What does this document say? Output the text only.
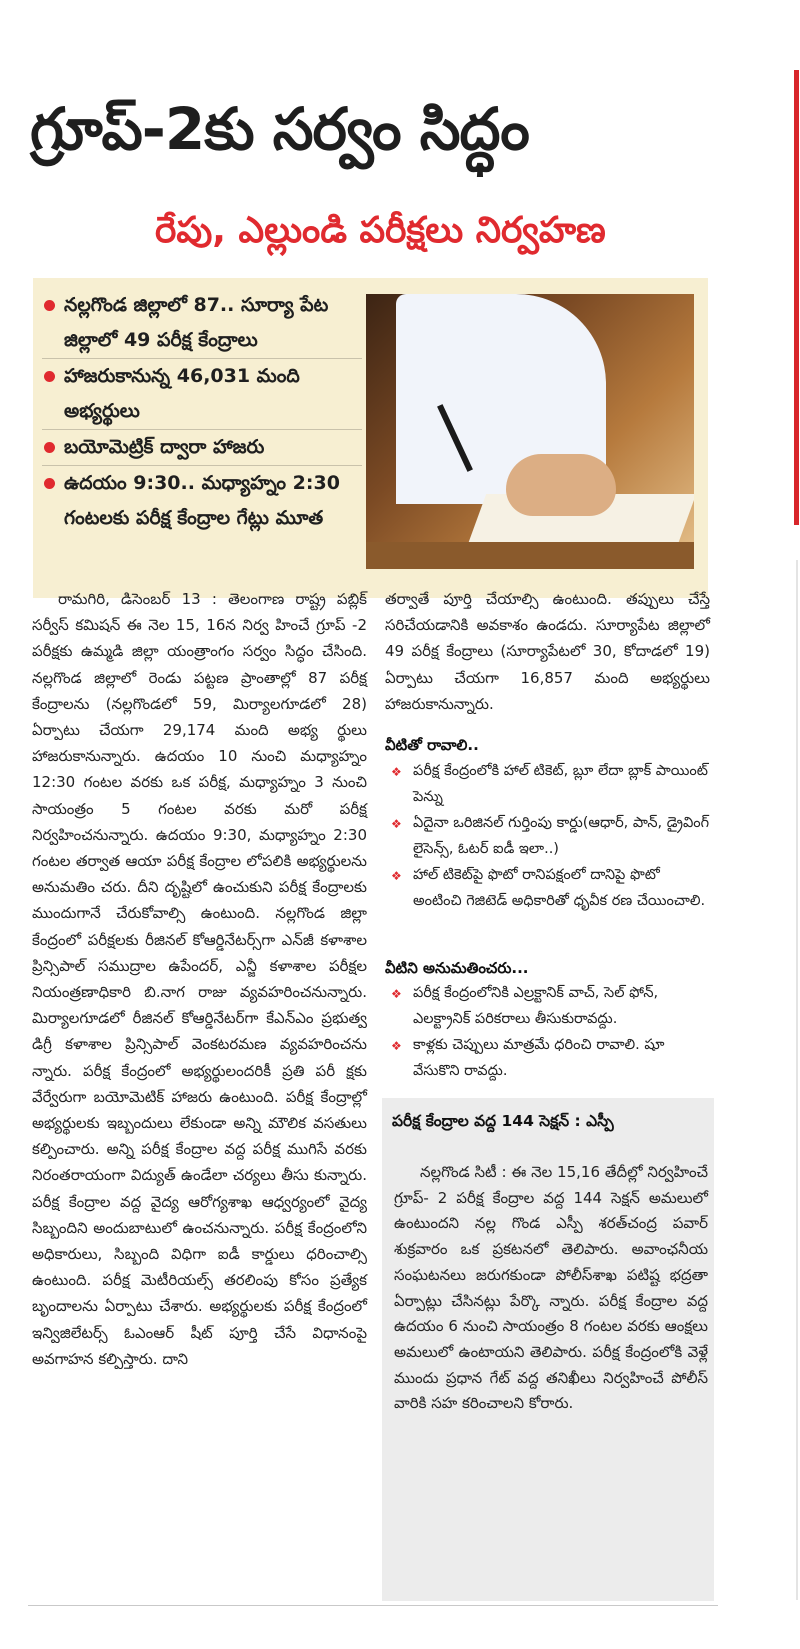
గ్రూప్‌-2కు సర్వం సిద్ధం
రేపు, ఎల్లుండి పరీక్షలు నిర్వహణ
నల్లగొండ జిల్లాలో 87.. సూర్యా పేట జిల్లాలో 49 పరీక్ష కేంద్రాలు
హాజరుకానున్న 46,031 మంది అభ్యర్థులు
బయోమెట్రిక్‌ ద్వారా హాజరు
ఉదయం 9:30.. మధ్యాహ్నం 2:30 గంటలకు పరీక్ష కేంద్రాల గేట్లు మూత

రామగిరి, డిసెంబర్‌ 13 : తెలంగాణ రాష్ట్ర పబ్లిక్‌ సర్వీస్‌ కమిషన్‌ ఈ నెల 15, 16న నిర్వ హించే గ్రూప్‌ -2 పరీక్షకు ఉమ్మడి జిల్లా యంత్రాంగం సర్వం సిద్ధం చేసింది. నల్లగొండ జిల్లాలో రెండు పట్టణ ప్రాంతాల్లో 87 పరీక్ష కేంద్రాలను (నల్లగొండలో 59, మిర్యాలగూడలో 28) ఏర్పాటు చేయగా 29,174 మంది అభ్య ర్థులు హాజరుకానున్నారు. ఉదయం 10 నుంచి మధ్యాహ్నం 12:30 గంటల వరకు ఒక పరీక్ష, మధ్యాహ్నం 3 నుంచి సాయంత్రం 5 గంటల వరకు మరో పరీక్ష నిర్వహించనున్నారు. ఉదయం 9:30, మధ్యాహ్నం 2:30 గంటల తర్వాత ఆయా పరీక్ష కేంద్రాల లోపలికి అభ్యర్థులను అనుమతిం చరు. దీని దృష్టిలో ఉంచుకుని పరీక్ష కేంద్రాలకు ముందుగానే చేరుకోవాల్సి ఉంటుంది. నల్లగొండ జిల్లా కేంద్రంలో పరీక్షలకు రీజినల్‌ కోఆర్డినేటర్స్‌గా ఎన్‌జీ కళాశాల ప్రిన్సిపాల్‌ సముద్రాల ఉపేందర్‌, ఎన్జీ కళాశాల పరీక్షల నియంత్రణాధికారి బి.నాగ రాజు వ్యవహరించనున్నారు. మిర్యాలగూడలో రీజినల్‌ కోఆర్డినేటర్‌గా కేఎన్‌ఎం ప్రభుత్వ డిగ్రీ కళాశాల ప్రిన్సిపాల్‌ వెంకటరమణ వ్యవహరించను న్నారు. పరీక్ష కేంద్రంలో అభ్యర్థులందరికీ ప్రతి పరీ క్షకు వేర్వేరుగా బయోమెటిక్‌ హాజరు ఉంటుంది. పరీక్ష కేంద్రాల్లో అభ్యర్థులకు ఇబ్బందులు లేకుండా అన్ని మౌలిక వసతులు కల్పించారు. అన్ని పరీక్ష కేంద్రాల వద్ద పరీక్ష ముగిసే వరకు నిరంతరాయంగా విద్యుత్‌ ఉండేలా చర్యలు తీసు కున్నారు. పరీక్ష కేంద్రాల వద్ద వైద్య ఆరోగ్యశాఖ ఆధ్వర్యంలో వైద్య సిబ్బందిని అందుబాటులో ఉంచనున్నారు. పరీక్ష కేంద్రంలోని అధికారులు, సిబ్బంది విధిగా ఐడీ కార్డులు ధరించాల్సి ఉంటుంది. పరీక్ష మెటీరియల్స్‌ తరలింపు కోసం ప్రత్యేక బృందాలను ఏర్పాటు చేశారు. అభ్యర్థులకు పరీక్ష కేంద్రంలో ఇన్విజిలేటర్స్‌ ఓఎంఆర్‌ షీట్‌ పూర్తి చేసే విధానంపై అవగాహన కల్పిస్తారు. దాని

తర్వాతే పూర్తి చేయాల్సి ఉంటుంది. తప్పులు చేస్తే సరిచేయడానికి అవకాశం ఉండదు. సూర్యాపేట జిల్లాలో 49 పరీక్ష కేంద్రాలు (సూర్యాపేటలో 30, కోదాడలో 19) ఏర్పాటు చేయగా 16,857 మంది అభ్యర్థులు హాజరుకానున్నారు.

వీటితో రావాలి..
❖ పరీక్ష కేంద్రంలోకి హాల్‌ టికెట్‌, బ్లూ లేదా బ్లాక్‌ పాయింట్‌ పెన్ను
❖ ఏదైనా ఒరిజినల్‌ గుర్తింపు కార్డు(ఆధార్‌, పాన్‌, డ్రైవింగ్‌ లైసెన్స్‌, ఓటర్‌ ఐడీ ఇలా..)
❖ హాల్‌ టికెట్‌పై ఫొటో రానిపక్షంలో దానిపై ఫొటో అంటించి గెజిటెడ్‌ అధికారితో ధృవీక రణ చేయించాలి.
వీటిని అనుమతించరు...
❖ పరీక్ష కేంద్రంలోనికి ఎల్రక్టానిక్‌ వాచ్‌, సెల్‌ ఫోన్‌, ఎలక్ట్రానిక్‌ పరికరాలు తీసుకురావద్దు.
❖ కాళ్లకు చెప్పులు మాత్రమే ధరించి రావాలి. షూ వేసుకొని రావద్దు.
పరీక్ష కేంద్రాల వద్ద 144 సెక్షన్‌ : ఎస్పీ

నల్లగొండ సిటీ : ఈ నెల 15,16 తేదీల్లో నిర్వహించే గ్రూప్‌- 2 పరీక్ష కేంద్రాల వద్ద 144 సెక్షన్‌ అమలులో ఉంటుందని నల్ల గొండ ఎస్పీ శరత్‌చంద్ర పవార్‌ శుక్రవారం ఒక ప్రకటనలో తెలిపారు. అవాంఛనీయ సంఘటనలు జరుగకుండా పోలీస్‌శాఖ పటిష్ట భద్రతా ఏర్పాట్లు చేసినట్లు పేర్కొ న్నారు. పరీక్ష కేంద్రాల వద్ద ఉదయం 6 నుంచి సాయంత్రం 8 గంటల వరకు ఆంక్షలు అమలులో ఉంటాయని తెలిపారు. పరీక్ష కేంద్రంలోకి వెళ్లే ముందు ప్రధాన గేట్‌ వద్ద తనిఖీలు నిర్వహించే పోలీస్‌ వారికి సహ కరించాలని కోరారు.
